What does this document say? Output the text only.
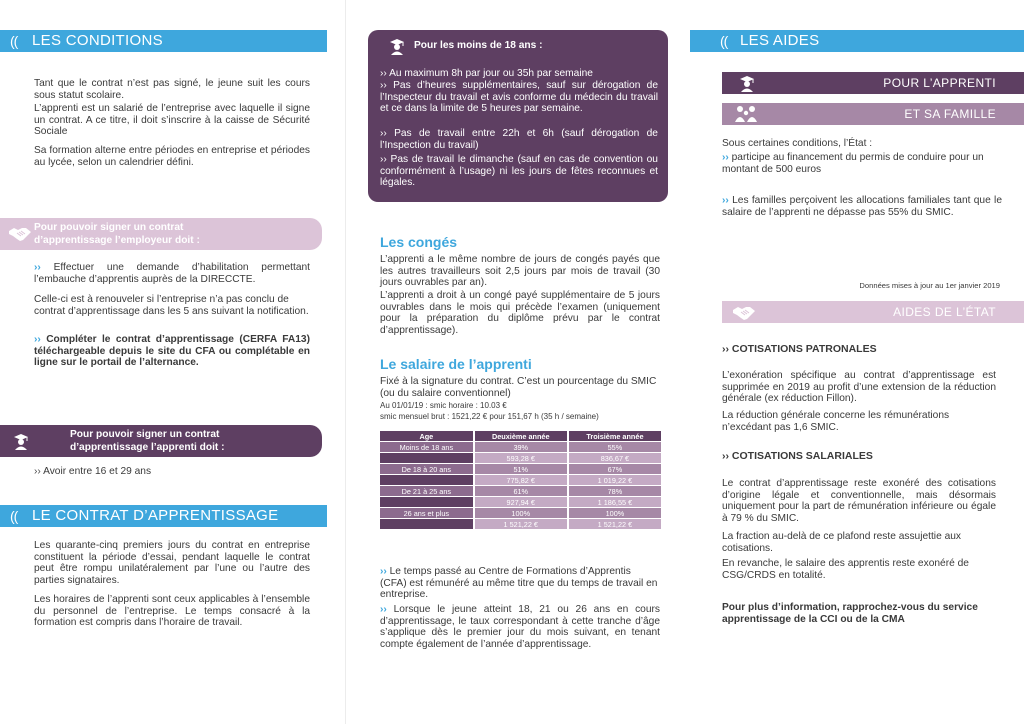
(( LES CONDITIONS
Tant que le contrat n’est pas signé, le jeune suit les cours sous statut scolaire.
L’apprenti est un salarié de l’entreprise avec laquelle il signe un contrat. A ce titre, il doit s’inscrire à la caisse de Sécurité Sociale
Sa formation alterne entre périodes en entreprise et périodes au lycée, selon un calendrier défini.
Pour pouvoir signer un contrat
d’apprentissage l’employeur doit :
›› Effectuer une demande d’habilitation permettant l’embauche d’apprentis auprès de la DIRECCTE.
Celle-ci est à renouveler si l’entreprise n’a pas conclu de contrat d’apprentissage dans les 5 ans suivant la notification.
›› Compléter le contrat d’apprentissage (CERFA FA13) téléchargeable depuis le site du CFA ou complétable en ligne sur le portail de l’alternance.
Pour pouvoir signer un contrat
d’apprentissage l’apprenti doit :
›› Avoir entre 16 et 29 ans
(( LE CONTRAT D’APPRENTISSAGE
Les quarante-cinq premiers jours du contrat en entreprise constituent la période d’essai, pendant laquelle le contrat peut être rompu unilatéralement par l’une ou l’autre des parties signataires.
Les horaires de l’apprenti sont ceux applicables à l’ensemble du personnel de l’entreprise. Le temps consacré à la formation est compris dans l’horaire de travail.
Pour les moins de 18 ans :
›› Au maximum 8h par jour ou 35h par semaine
›› Pas d’heures supplémentaires, sauf sur dérogation de l’Inspecteur du travail et avis conforme du médecin du travail et ce dans la limite de 5 heures par semaine.
›› Pas de travail entre 22h et 6h (sauf dérogation de l’Inspection du travail)
›› Pas de travail le dimanche (sauf en cas de convention ou conformément à l’usage) ni les jours de fêtes reconnues et légales.
Les congés
L’apprenti a le même nombre de jours de congés payés que les autres travailleurs soit 2,5 jours par mois de travail (30 jours ouvrables par an).
L’apprenti a droit à un congé payé supplémentaire de 5 jours ouvrables dans le mois qui précède l’examen (uniquement pour la préparation du diplôme prévu par le contrat d’apprentissage).
Le salaire de l’apprenti
Fixé à la signature du contrat. C’est un pourcentage du SMIC (ou du salaire conventionnel)
Au 01/01/19 : smic horaire : 10.03 €
smic mensuel brut : 1521,22 € pour 151,67 h (35 h / semaine)
Age	Deuxième année	Troisième année
Moins de 18 ans	39%	55%
	593,28 €	836,67 €
De 18 à 20 ans	51%	67%
	775,82 €	1 019,22 €
De 21 à 25 ans	61%	78%
	927,94 €	1 186,55 €
26 ans et plus	100%	100%
	1 521,22 €	1 521,22 €
›› Le temps passé au Centre de Formations d’Apprentis (CFA) est rémunéré au même titre que du temps de travail en entreprise.
›› Lorsque le jeune atteint 18, 21 ou 26 ans en cours d’apprentissage, le taux correspondant à cette tranche d’âge s’applique dès le premier jour du mois suivant, en tenant compte également de l’année d’apprentissage.
(( LES AIDES
POUR L’APPRENTI
ET SA FAMILLE
Sous certaines conditions, l’État :
›› participe au financement du permis de conduire pour un montant de 500 euros
›› Les familles perçoivent les allocations familiales tant que le salaire de l’apprenti ne dépasse pas 55% du SMIC.
Données mises à jour au 1er janvier 2019
AIDES DE L’ÉTAT
›› COTISATIONS PATRONALES
L’exonération spécifique au contrat d’apprentissage est supprimée en 2019 au profit d’une extension de la réduction générale (ex réduction Fillon).
La réduction générale concerne les rémunérations n’excédant pas 1,6 SMIC.
›› COTISATIONS SALARIALES
Le contrat d’apprentissage reste exonéré des cotisations d’origine légale et conventionnelle, mais désormais uniquement pour la part de rémunération inférieure ou égale à 79 % du SMIC.
La fraction au-delà de ce plafond reste assujettie aux cotisations.
En revanche, le salaire des apprentis reste exonéré de CSG/CRDS en totalité.
Pour plus d’information, rapprochez-vous du service apprentissage de la CCI ou de la CMA
